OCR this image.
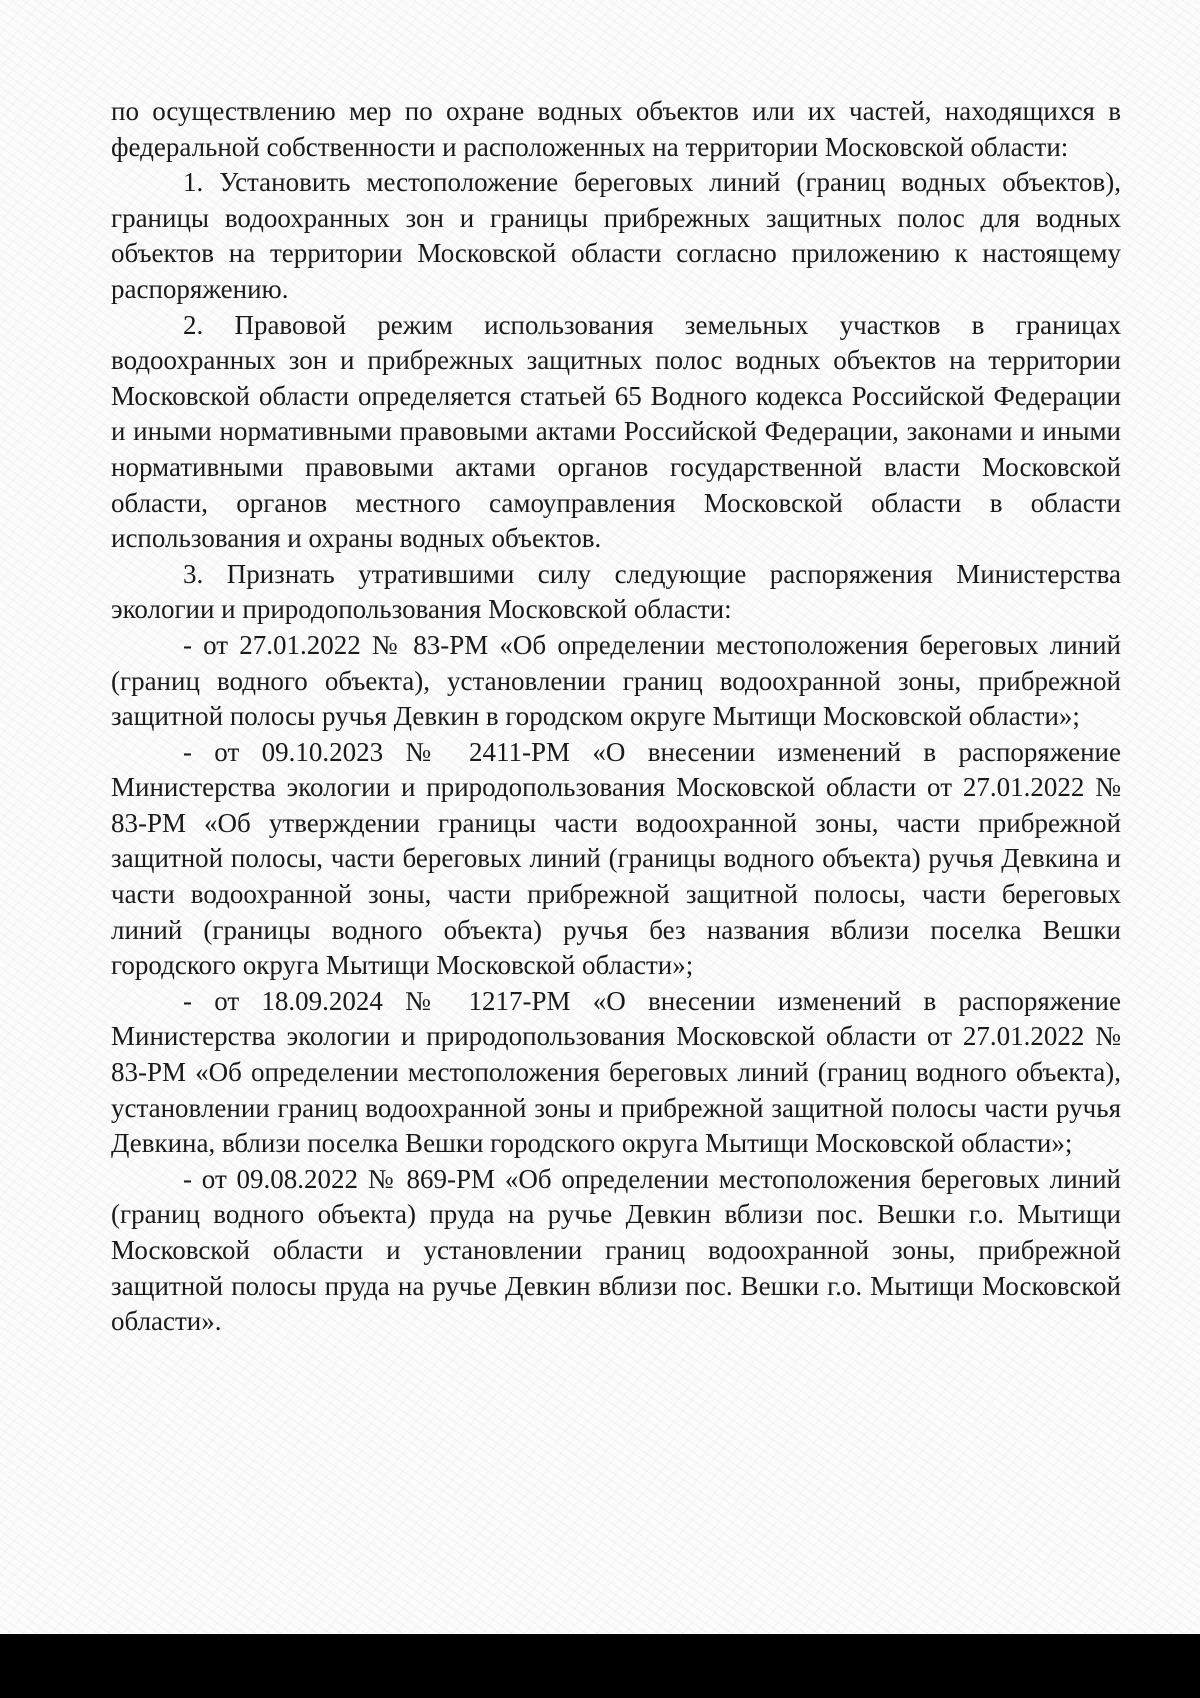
по осуществлению мер по охране водных объектов или их частей, находящихся в федеральной собственности и расположенных на территории Московской области:

1. Установить местоположение береговых линий (границ водных объектов), границы водоохранных зон и границы прибрежных защитных полос для водных объектов на территории Московской области согласно приложению к настоящему распоряжению.

2. Правовой режим использования земельных участков в границах водоохранных зон и прибрежных защитных полос водных объектов на территории Московской области определяется статьей 65 Водного кодекса Российской Федерации и иными нормативными правовыми актами Российской Федерации, законами и иными нормативными правовыми актами органов государственной власти Московской области, органов местного самоуправления Московской области в области использования и охраны водных объектов.

3. Признать утратившими силу следующие распоряжения Министерства экологии и природопользования Московской области:

- от 27.01.2022 № 83-РМ «Об определении местоположения береговых линий (границ водного объекта), установлении границ водоохранной зоны, прибрежной защитной полосы ручья Девкин в городском округе Мытищи Московской области»;

- от 09.10.2023 № 2411-РМ «О внесении изменений в распоряжение Министерства экологии и природопользования Московской области от 27.01.2022 № 83-РМ «Об утверждении границы части водоохранной зоны, части прибрежной защитной полосы, части береговых линий (границы водного объекта) ручья Девкина и части водоохранной зоны, части прибрежной защитной полосы, части береговых линий (границы водного объекта) ручья без названия вблизи поселка Вешки городского округа Мытищи Московской области»;

- от 18.09.2024 № 1217-РМ «О внесении изменений в распоряжение Министерства экологии и природопользования Московской области от 27.01.2022 № 83-РМ «Об определении местоположения береговых линий (границ водного объекта), установлении границ водоохранной зоны и прибрежной защитной полосы части ручья Девкина, вблизи поселка Вешки городского округа Мытищи Московской области»;

- от 09.08.2022 № 869-РМ «Об определении местоположения береговых линий (границ водного объекта) пруда на ручье Девкин вблизи пос. Вешки г.о. Мытищи Московской области и установлении границ водоохранной зоны, прибрежной защитной полосы пруда на ручье Девкин вблизи пос. Вешки г.о. Мытищи Московской области».
